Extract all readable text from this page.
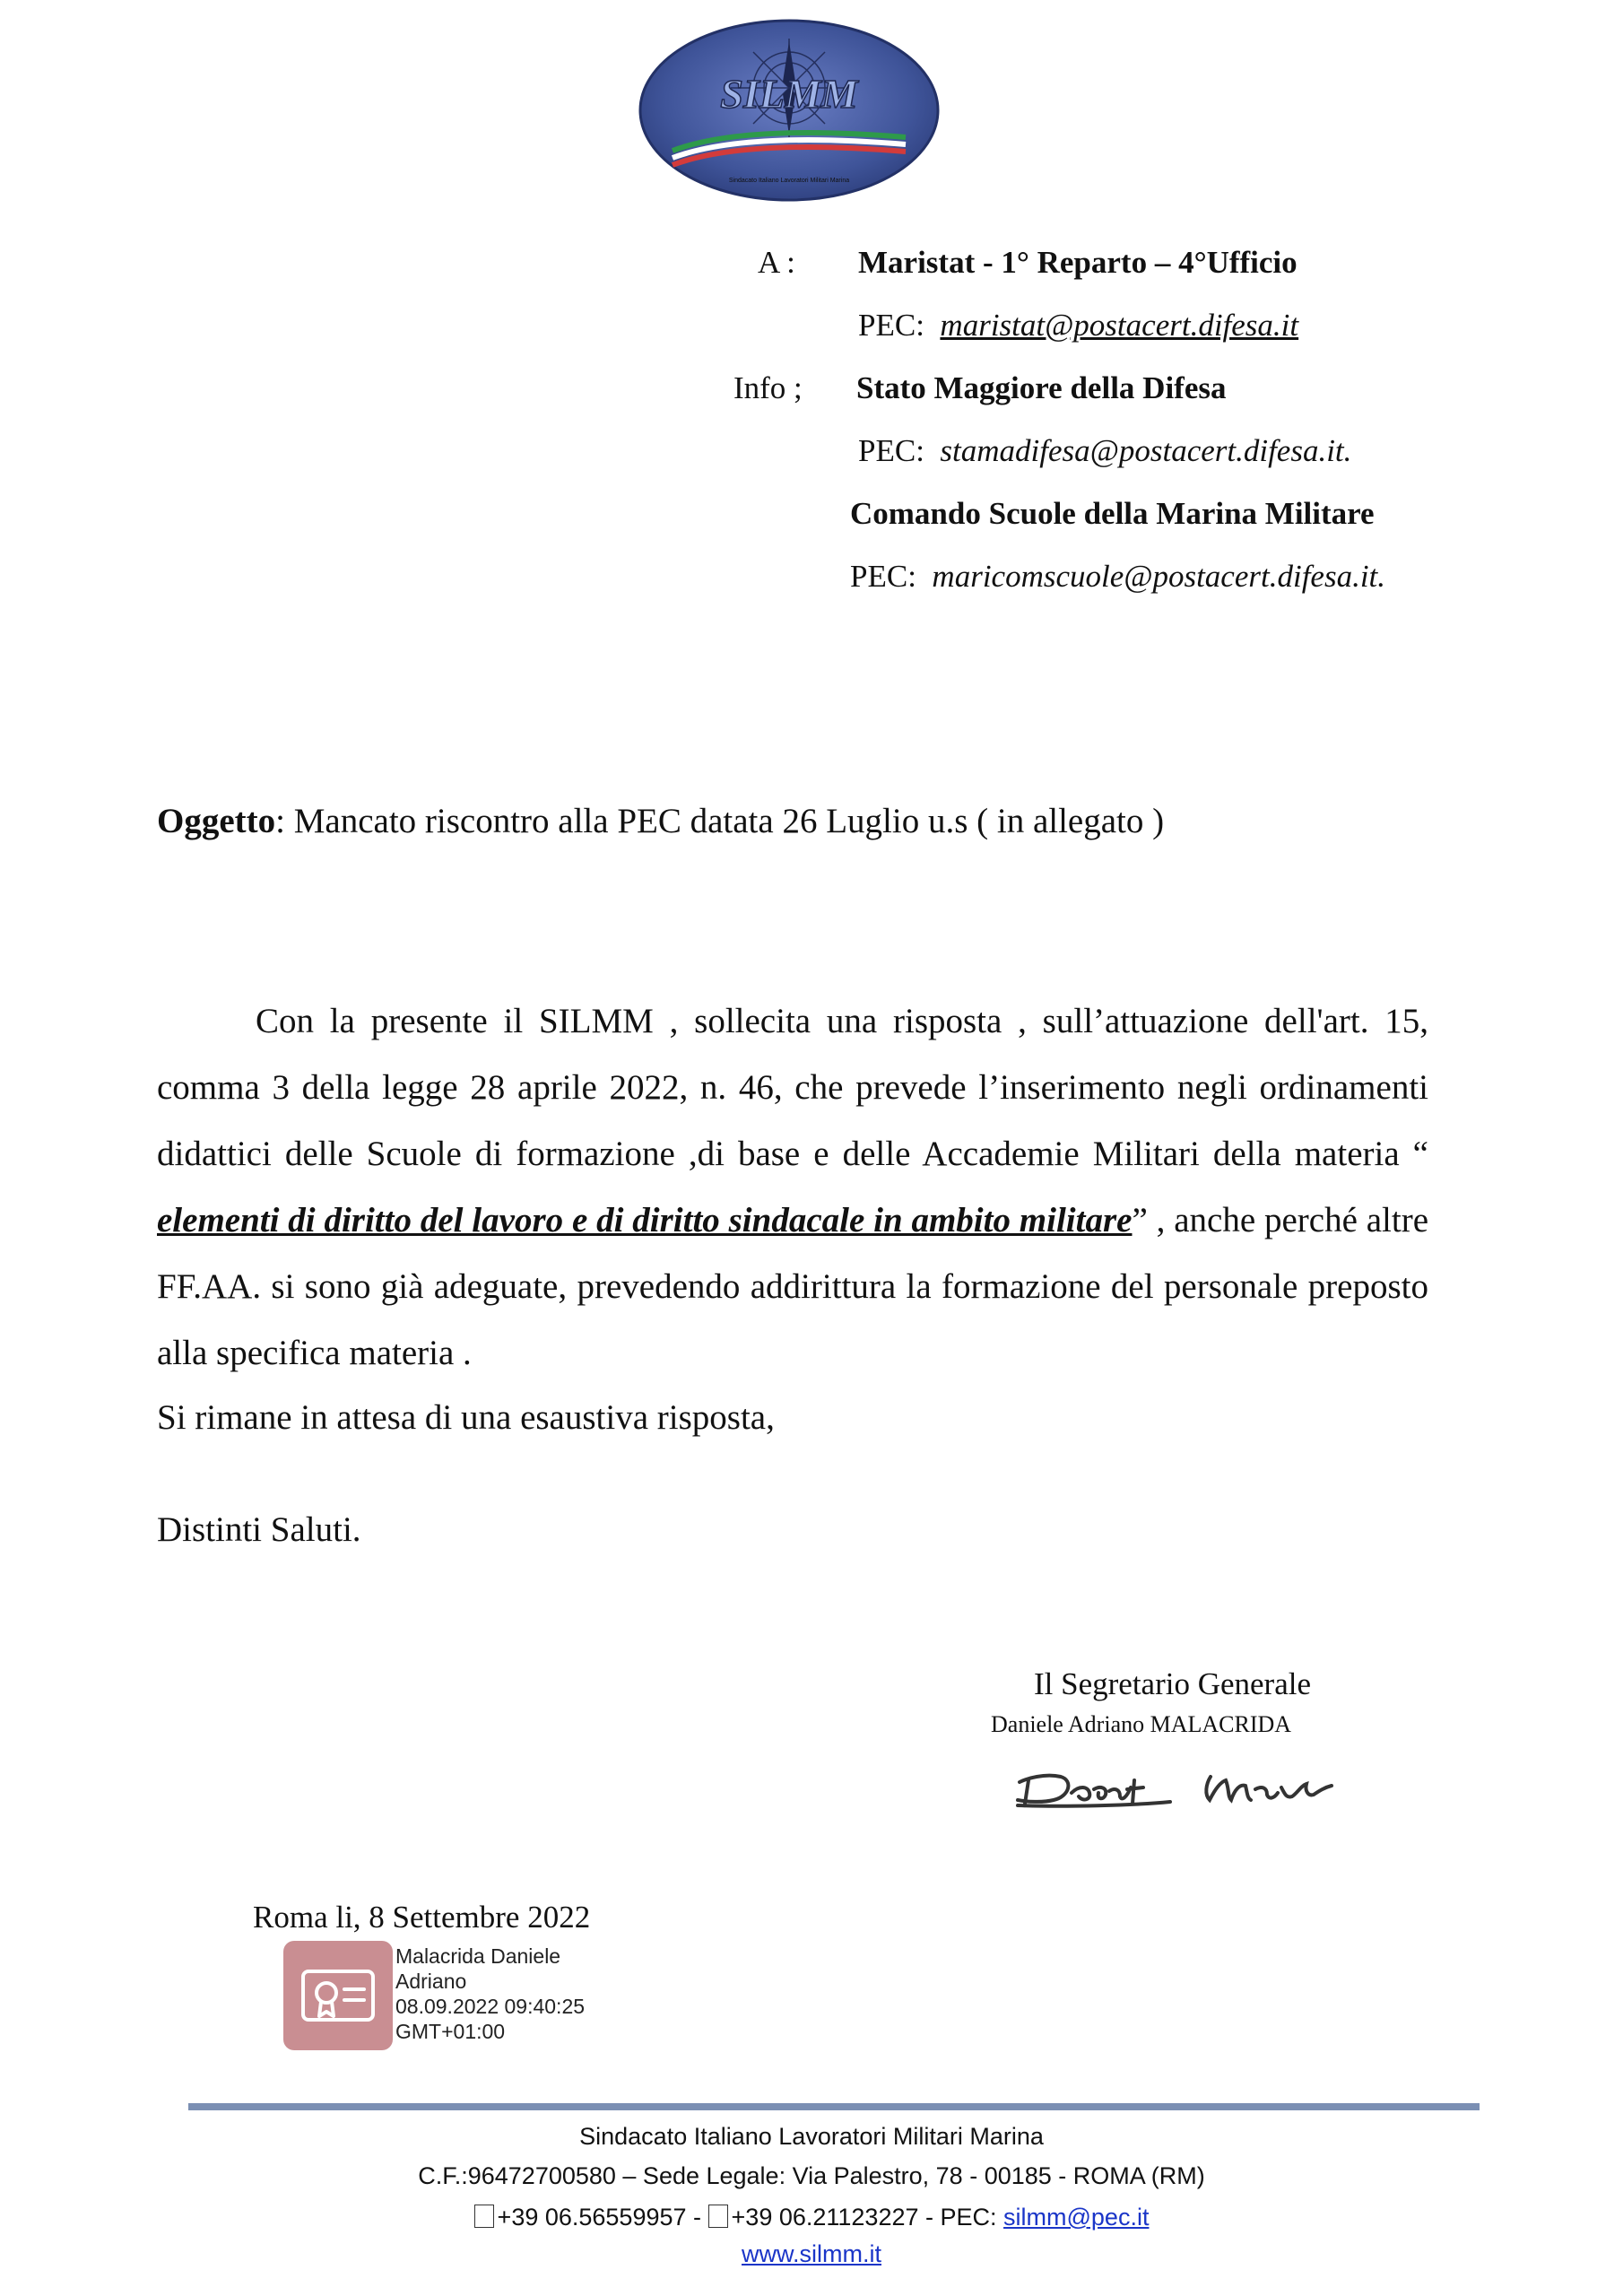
SILMM
Sindacato Italiano Lavoratori Militari Marina
A : Maristat - 1° Reparto – 4°Ufficio
PEC: maristat@postacert.difesa.it
Info ; Stato Maggiore della Difesa
PEC: stamadifesa@postacert.difesa.it.
Comando Scuole della Marina Militare
PEC: maricomscuole@postacert.difesa.it.
Oggetto: Mancato riscontro alla PEC datata 26 Luglio u.s ( in allegato )
Con la presente il SILMM , sollecita una risposta , sull’attuazione dell'art. 15, comma 3 della legge 28 aprile 2022, n. 46, che prevede l’inserimento negli ordinamenti didattici delle Scuole di formazione ,di base e delle Accademie Militari della materia “ elementi di diritto del lavoro e di diritto sindacale in ambito militare” , anche perché altre FF.AA. si sono già adeguate, prevedendo addirittura la formazione del personale preposto alla specifica materia .
Si rimane in attesa di una esaustiva risposta,
Distinti Saluti.
Il Segretario Generale
Daniele Adriano MALACRIDA
Roma li, 8 Settembre 2022
Malacrida Daniele
Adriano
08.09.2022 09:40:25
GMT+01:00
Sindacato Italiano Lavoratori Militari Marina
C.F.:96472700580 – Sede Legale: Via Palestro, 78 - 00185 - ROMA (RM)
+39 06.56559957 - +39 06.21123227 - PEC: silmm@pec.it
www.silmm.it
